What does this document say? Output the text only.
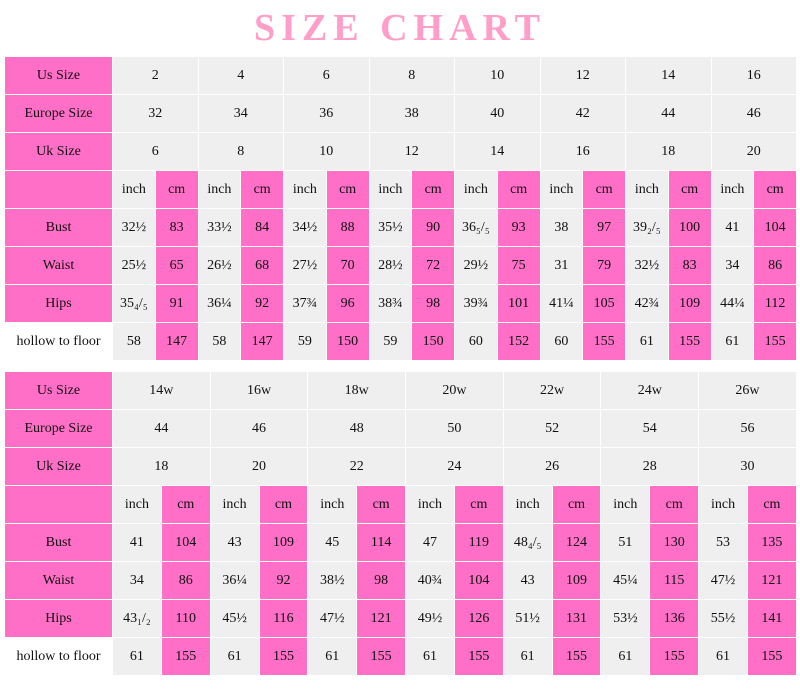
SIZE CHART
Us Size	2		4		6		8		10		12		14		16	
Europe Size	32		34		36		38		40		42		44		46	
Uk Size	6		8		10		12		14		16		18		20	
	inch	cm	inch	cm	inch	cm	inch	cm	inch	cm	inch	cm	inch	cm	inch	cm
Bust	32½	83	33½	84	34½	88	35½	90	36₅/₅	93	38	97	39₂/₅	100	41	104
Waist	25½	65	26½	68	27½	70	28½	72	29½	75	31	79	32½	83	34	86
Hips	35₄/₅	91	36¼	92	37¾	96	38¾	98	39¾	101	41¼	105	42¾	109	44¼	112
hollow to floor	58	147	58	147	59	150	59	150	60	152	60	155	61	155	61	155
Us Size	14w		16w		18w		20w		22w		24w		26w	
Europe Size	44		46		48		50		52		54		56	
Uk Size	18		20		22		24		26		28		30	
	inch	cm	inch	cm	inch	cm	inch	cm	inch	cm	inch	cm	inch	cm
Bust	41	104	43	109	45	114	47	119	48₄/₅	124	51	130	53	135
Waist	34	86	36¼	92	38½	98	40¾	104	43	109	45¼	115	47½	121
Hips	43₁/₂	110	45½	116	47½	121	49½	126	51½	131	53½	136	55½	141
hollow to floor	61	155	61	155	61	155	61	155	61	155	61	155	61	155
